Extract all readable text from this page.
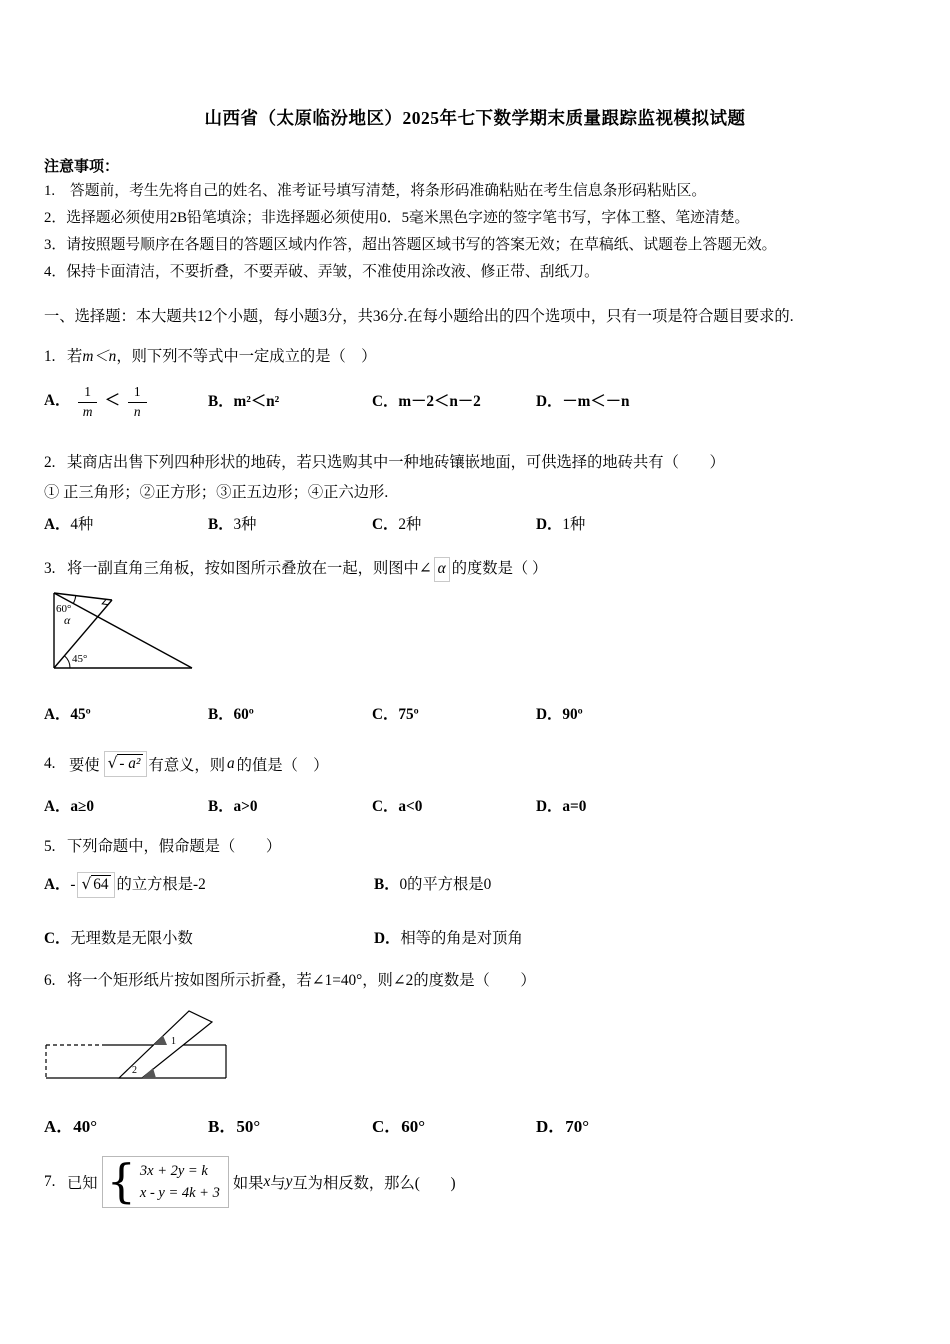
山西省（太原临汾地区）2025年七下数学期末质量跟踪监视模拟试题
注意事项：
1.　答题前，考生先将自己的姓名、准考证号填写清楚，将条形码准确粘贴在考生信息条形码粘贴区。
2．选择题必须使用2B铅笔填涂；非选择题必须使用0．5毫米黑色字迹的签字笔书写，字体工整、笔迹清楚。
3．请按照题号顺序在各题目的答题区域内作答，超出答题区域书写的答案无效；在草稿纸、试题卷上答题无效。
4．保持卡面清洁，不要折叠，不要弄破、弄皱，不准使用涂改液、修正带、刮纸刀。
一、选择题：本大题共12个小题，每小题3分，共36分.在每小题给出的四个选项中，只有一项是符合题目要求的.
1. 若m＜n，则下列不等式中一定成立的是（　）
A． $\frac{1}{m} < \frac{1}{n}$	B．m²＜n²	C．m－2＜n－2	D．－m＜－n
2. 某商店出售下列四种形状的地砖，若只选购其中一种地砖镶嵌地面，可供选择的地砖共有（　　）
① 正三角形；②正方形；③正五边形；④正六边形.
A．4种	B．3种	C．2种	D．1种
3. 将一副直角三角板，按如图所示叠放在一起，则图中∠ α 的度数是（ ）
60°
α
45°
A．45º	B．60º	C．75º	D．90º
4. 要使 √ - a² 有意义，则 a 的值是（　）
A．a≥0	B．a>0	C．a<0	D．a=0
5. 下列命题中，假命题是（　　）
A．- √ 64 的立方根是-2	B．0的平方根是0
C．无理数是无限小数	D．相等的角是对顶角
6. 将一个矩形纸片按如图所示折叠，若∠1=40°，则∠2的度数是（　　）
1
2
A．40°	B．50°	C．60°	D．70°
7. 已知 { 3x + 2y = k
x - y = 4k + 3
如果 x 与 y 互为相反数，那么(　　)
